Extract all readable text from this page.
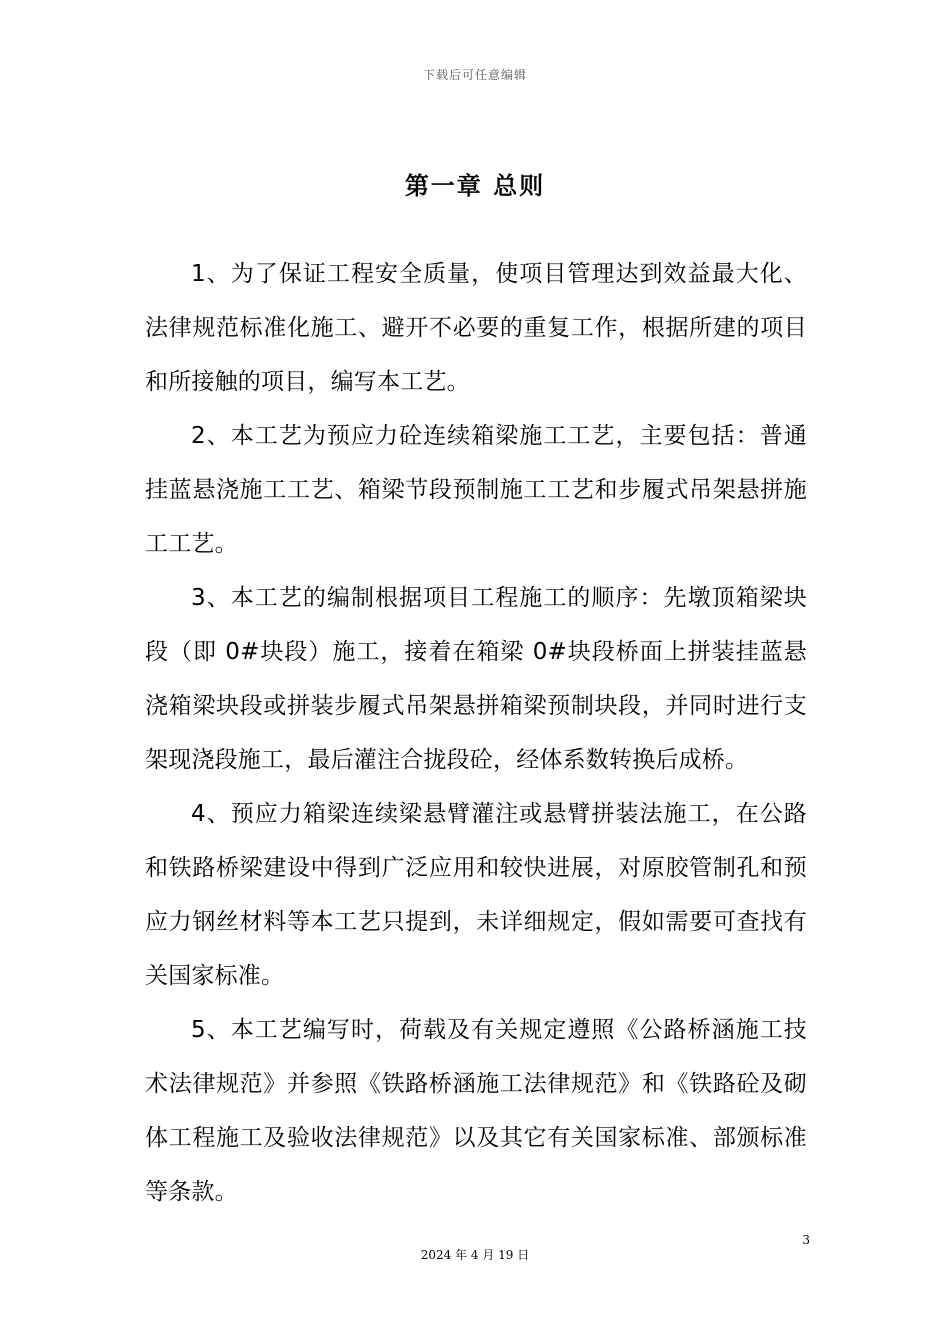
下载后可任意编辑
第一章 总则

1、为了保证工程安全质量，使项目管理达到效益最大化、法律规范标准化施工、避开不必要的重复工作，根据所建的项目和所接触的项目，编写本工艺。

2、本工艺为预应力砼连续箱梁施工工艺，主要包括：普通挂蓝悬浇施工工艺、箱梁节段预制施工工艺和步履式吊架悬拼施工工艺。

3、本工艺的编制根据项目工程施工的顺序：先墩顶箱梁块段（即 0#块段）施工，接着在箱梁 0#块段桥面上拼装挂蓝悬浇箱梁块段或拼装步履式吊架悬拼箱梁预制块段，并同时进行支架现浇段施工，最后灌注合拢段砼，经体系数转换后成桥。

4、预应力箱梁连续梁悬臂灌注或悬臂拼装法施工，在公路和铁路桥梁建设中得到广泛应用和较快进展，对原胶管制孔和预应力钢丝材料等本工艺只提到，未详细规定，假如需要可查找有关国家标准。

5、本工艺编写时，荷载及有关规定遵照《公路桥涵施工技术法律规范》并参照《铁路桥涵施工法律规范》和《铁路砼及砌体工程施工及验收法律规范》以及其它有关国家标准、部颁标准等条款。

3
2024 年 4 月 19 日
